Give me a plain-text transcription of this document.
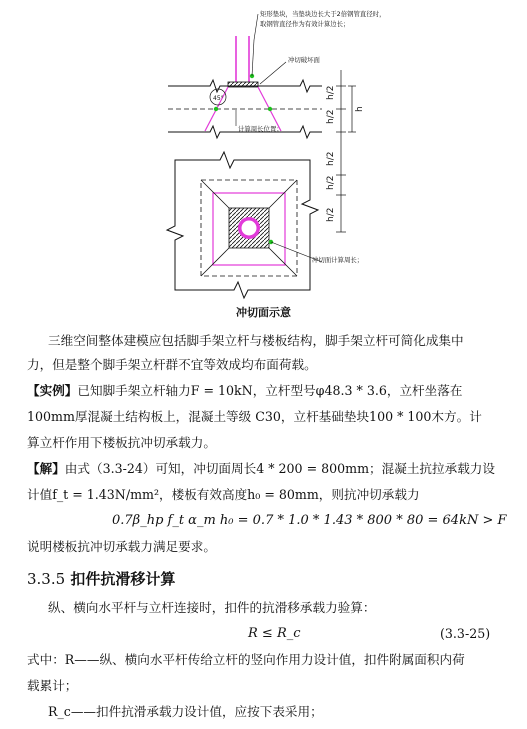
45°
矩形垫块，当垫块边长大于2倍钢管直径时，
取钢管直径作为有效计算边长；
冲切破坏面
计算周长位置；
h/2
h/2
h
h/2
h/2
h/2
冲切面计算周长；
冲切面示意
三维空间整体建模应包括脚手架立杆与楼板结构，脚手架立杆可简化成集中
力，但是整个脚手架立杆群不宜等效成均布面荷载。
【实例】已知脚手架立杆轴力F = 10kN，立杆型号φ48.3 * 3.6，立杆坐落在
100mm厚混凝土结构板上，混凝土等级 C30，立杆基础垫块100 * 100木方。计
算立杆作用下楼板抗冲切承载力。
【解】由式（3.3-24）可知，冲切面周长4 * 200 = 800mm；混凝土抗拉承载力设
计值f_t = 1.43N/mm²，楼板有效高度h₀ = 80mm，则抗冲切承载力
0.7β_hp f_t α_m h₀ = 0.7 * 1.0 * 1.43 * 800 * 80 = 64kN > F
说明楼板抗冲切承载力满足要求。
3.3.5 扣件抗滑移计算
纵、横向水平杆与立杆连接时，扣件的抗滑移承载力验算：
R ≤ R_c	(3.3-25)
式中：R——纵、横向水平杆传给立杆的竖向作用力设计值，扣件附属面积内荷
载累计；
R_c——扣件抗滑承载力设计值，应按下表采用；
